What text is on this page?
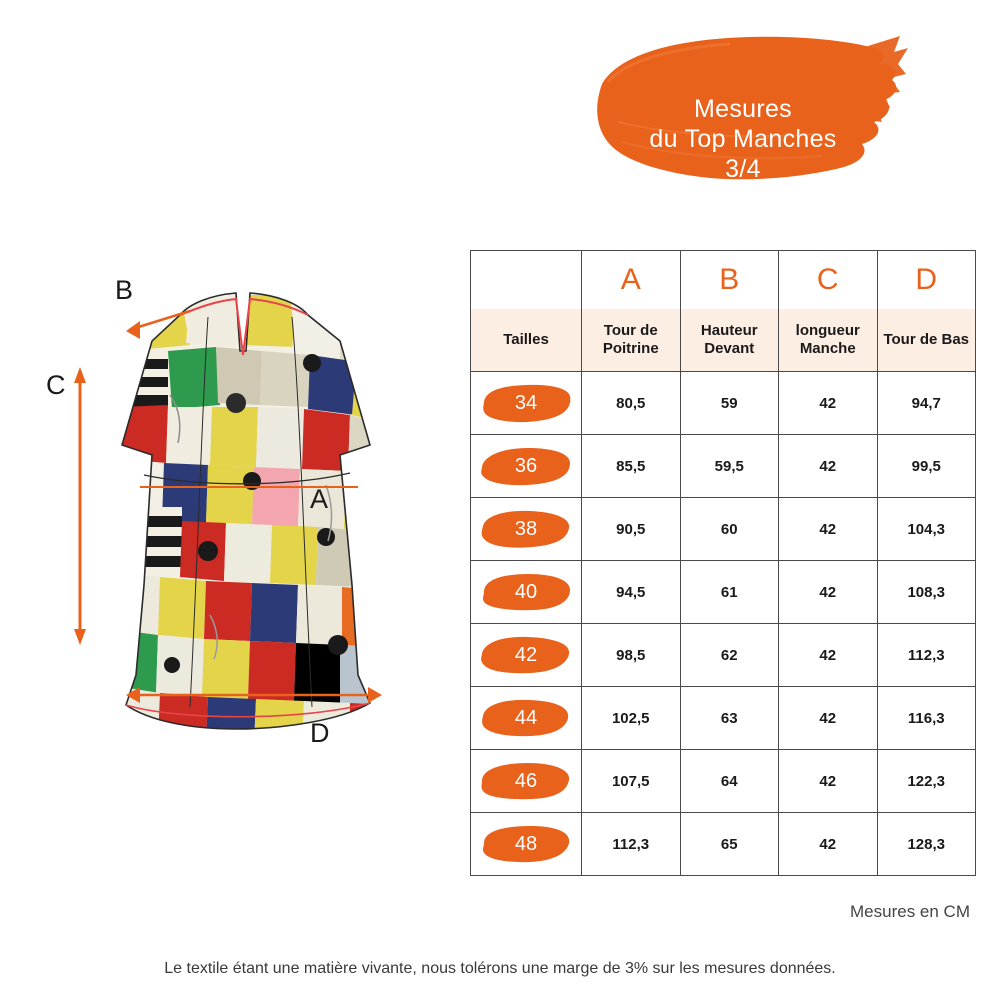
Mesures
du Top Manches
3/4
B
C
A
D
	A	B	C	D
Tailles	Tour de Poitrine	Hauteur Devant	longueur Manche	Tour de Bas

34	80,5	59	42	94,7

36	85,5	59,5	42	99,5

38	90,5	60	42	104,3

40	94,5	61	42	108,3

42	98,5	62	42	112,3

44	102,5	63	42	116,3

46	107,5	64	42	122,3

48	112,3	65	42	128,3
Mesures en CM
Le textile étant une matière vivante, nous tolérons une marge de 3% sur les mesures données.
